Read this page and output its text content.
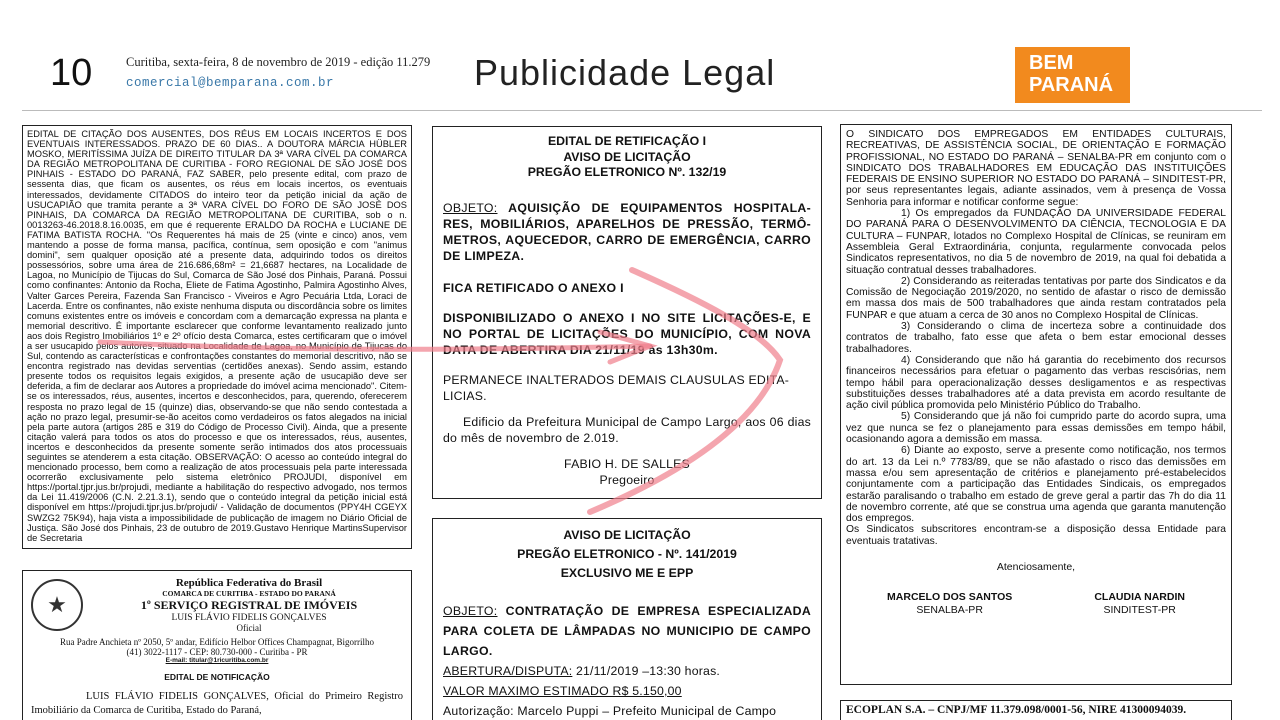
10	Curitiba, sexta-feira, 8 de novembro de 2019 - edição 11.279
comercial@bemparana.com.br	Publicidade Legal	BEM
PARANÁ

EDITAL DE CITAÇÃO DOS AUSENTES, DOS RÉUS EM LOCAIS INCERTOS E DOS EVENTUAIS INTERESSADOS. PRAZO DE 60 DIAS.. A DOUTORA MÁRCIA HÜBLER MOSKO, MERITÍSSIMA JUÍZA DE DIREITO TITULAR DA 3ª VARA CÍVEL DA COMARCA DA REGIÃO METROPOLITANA DE CURITIBA - FORO REGIONAL DE SÃO JOSÉ DOS PINHAIS - ESTADO DO PARANÁ, FAZ SABER, pelo presente edital, com prazo de sessenta dias, que ficam os ausentes, os réus em locais incertos, os eventuais interessados, devidamente CITADOS do inteiro teor da petição inicial da ação de USUCAPIÃO que tramita perante a 3ª VARA CÍVEL DO FORO DE SÃO JOSÉ DOS PINHAIS, DA COMARCA DA REGIÃO METROPOLITANA DE CURITIBA, sob o n. 0013263-46.2018.8.16.0035, em que é requerente ERALDO DA ROCHA e LUCIANE DE FATIMA BATISTA ROCHA. "Os Requerentes há mais de 25 (vinte e cinco) anos, vem mantendo a posse de forma mansa, pacífica, contínua, sem oposição e com "animus domini", sem qualquer oposição até a presente data, adquirindo todos os direitos possessórios, sobre uma área de 216.686,68m² = 21,6687 hectares, na Localidade de Lagoa, no Município de Tijucas do Sul, Comarca de São José dos Pinhais, Paraná. Possui como confinantes: Antonio da Rocha, Eliete de Fatima Agostinho, Palmira Agostinho Alves, Valter Garces Pereira, Fazenda San Francisco - Viveiros e Agro Pecuária Ltda, Loraci de Lacerda. Entre os confinantes, não existe nenhuma disputa ou discordância sobre os limites comuns existentes entre os imóveis e concordam com a demarcação expressa na planta e memorial descritivo. É importante esclarecer que conforme levantamento realizado junto aos dois Registro Imobiliários 1º e 2º ofício desta Comarca, estes certificaram que o imóvel a ser usucapido pelos autores, situado na Localidade de Lagoa, no Município de Tijucas do Sul, contendo as características e confrontações constantes do memorial descritivo, não se encontra registrado nas devidas serventias (certidões anexas). Sendo assim, estando presente todos os requisitos legais exigidos, a presente ação de usucapião deve ser deferida, a fim de declarar aos Autores a propriedade do imóvel acima mencionado". Citem-se os interessados, réus, ausentes, incertos e desconhecidos, para, querendo, oferecerem resposta no prazo legal de 15 (quinze) dias, observando-se que não sendo contestada a ação no prazo legal, presumir-se-ão aceitos como verdadeiros os fatos alegados na inicial pela parte autora (artigos 285 e 319 do Código de Processo Civil). Ainda, que a presente citação valerá para todos os atos do processo e que os interessados, réus, ausentes, incertos e desconhecidos da presente somente serão intimados dos atos processuais seguintes se atenderem a esta citação. OBSERVAÇÃO: O acesso ao conteúdo integral do mencionado processo, bem como a realização de atos processuais pela parte interessada ocorrerão exclusivamente pelo sistema eletrônico PROJUDI, disponível em https://portal.tjpr.jus.br/projudi, mediante a habilitação do respectivo advogado, nos termos da Lei 11.419/2006 (C.N. 2.21.3.1), sendo que o conteúdo integral da petição inicial está disponível em https://projudi.tjpr.jus.br/projudi/ - Validação de documentos (PPY4H CGEYX SWZG2 75K94), haja vista a impossibilidade de publicação de imagem no Diário Oficial de Justiça. São José dos Pinhais, 23 de outubro de 2019.Gustavo Henrique MartinsSupervisor de Secretaria

EDITAL DE RETIFICAÇÃO I
AVISO DE LICITAÇÃO
PREGÃO ELETRONICO Nº. 132/19

OBJETO: AQUISIÇÃO DE EQUIPAMENTOS HOSPITALA-RES, MOBILIÁRIOS, APARELHOS DE PRESSÃO, TERMÔ-METROS, AQUECEDOR, CARRO DE EMERGÊNCIA, CARRO DE LIMPEZA.

FICA RETIFICADO O ANEXO I

DISPONIBILIZADO O ANEXO I NO SITE LICITAÇÕES-E, E NO PORTAL DE LICITAÇÕES DO MUNICÍPIO, COM NOVA DATA DE ABERTIRA DIA 21/11/19 às 13h30m.

PERMANECE INALTERADOS DEMAIS CLAUSULAS EDITA-LICIAS.

Edificio da Prefeitura Municipal de Campo Largo, aos 06 dias do mês de novembro de 2.019.

FABIO H. DE SALLES
Pregoeiro
AVISO DE LICITAÇÃO
PREGÃO ELETRONICO - Nº. 141/2019
EXCLUSIVO ME E EPP

OBJETO: CONTRATAÇÃO DE EMPRESA ESPECIALIZADA PARA COLETA DE LÂMPADAS NO MUNICIPIO DE CAMPO LARGO.

ABERTURA/DISPUTA: 21/11/2019 –13:30 horas.

VALOR MAXIMO ESTIMADO R$ 5.150,00

Autorização: Marcelo Puppi – Prefeito Municipal de Campo

O SINDICATO DOS EMPREGADOS EM ENTIDADES CULTURAIS, RECREATIVAS, DE ASSISTÊNCIA SOCIAL, DE ORIENTAÇÃO E FORMAÇÃO PROFISSIONAL, NO ESTADO DO PARANÁ – SENALBA-PR em conjunto com o SINDICATO DOS TRABALHADORES EM EDUCAÇÃO DAS INSTITUIÇÕES FEDERAIS DE ENSINO SUPERIOR NO ESTADO DO PARANÁ – SINDITEST-PR, por seus representantes legais, adiante assinados, vem à presença de Vossa Senhoria para informar e notificar conforme segue:

1) Os empregados da FUNDAÇÃO DA UNIVERSIDADE FEDERAL DO PARANÁ PARA O DESENVOLVIMENTO DA CIÊNCIA, TECNOLOGIA E DA CULTURA – FUNPAR, lotados no Complexo Hospital de Clínicas, se reuniram em Assembleia Geral Extraordinária, conjunta, regularmente convocada pelos Sindicatos representativos, no dia 5 de novembro de 2019, na qual foi debatida a situação contratual desses trabalhadores.

2) Considerando as reiteradas tentativas por parte dos Sindicatos e da Comissão de Negociação 2019/2020, no sentido de afastar o risco de demissão em massa dos mais de 500 trabalhadores que ainda restam contratados pela FUNPAR e que atuam a cerca de 30 anos no Complexo Hospital de Clínicas.

3) Considerando o clima de incerteza sobre a continuidade dos contratos de trabalho, fato esse que afeta o bem estar emocional desses trabalhadores.

4) Considerando que não há garantia do recebimento dos recursos financeiros necessários para efetuar o pagamento das verbas rescisórias, nem tempo hábil para operacionalização desses desligamentos e as respectivas substituições desses trabalhadores até a data prevista em acordo resultante de ação civil pública promovida pelo Ministério Público do Trabalho.

5) Considerando que já não foi cumprido parte do acordo supra, uma vez que nunca se fez o planejamento para essas demissões em tempo hábil, ocasionando agora a demissão em massa.

6) Diante ao exposto, serve a presente como notificação, nos termos do art. 13 da Lei n.º 7783/89, que se não afastado o risco das demissões em massa e/ou sem apresentação de critérios e planejamento pré-estabelecidos conjuntamente com a participação das Entidades Sindicais, os empregados estarão paralisando o trabalho em estado de greve geral a partir das 7h do dia 11 de novembro corrente, até que se construa uma agenda que garanta manutenção dos empregos.

Os Sindicatos subscritores encontram-se a disposição dessa Entidade para eventuais tratativas.

Atenciosamente,
MARCELO DOS SANTOS
SENALBA-PR
CLAUDIA NARDIN
SINDITEST-PR
★
República Federativa do Brasil
COMARCA DE CURITIBA - ESTADO DO PARANÁ
1º SERVIÇO REGISTRAL DE IMÓVEIS
LUIS FLÁVIO FIDELIS GONÇALVES
Oficial
Rua Padre Anchieta nº 2050, 5º andar, Edifício Helbor Offices Champagnat, Bigorrilho
(41) 3022-1117 - CEP: 80.730-000 - Curitiba - PR
E-mail: titular@1ricuritiba.com.br
EDITAL DE NOTIFICAÇÃO

LUIS FLÁVIO FIDELIS GONÇALVES, Oficial do Primeiro Registro Imobiliário da Comarca de Curitiba, Estado do Paraná,	ECOPLAN S.A. – CNPJ/MF 11.379.098/0001-56, NIRE 41300094039.
